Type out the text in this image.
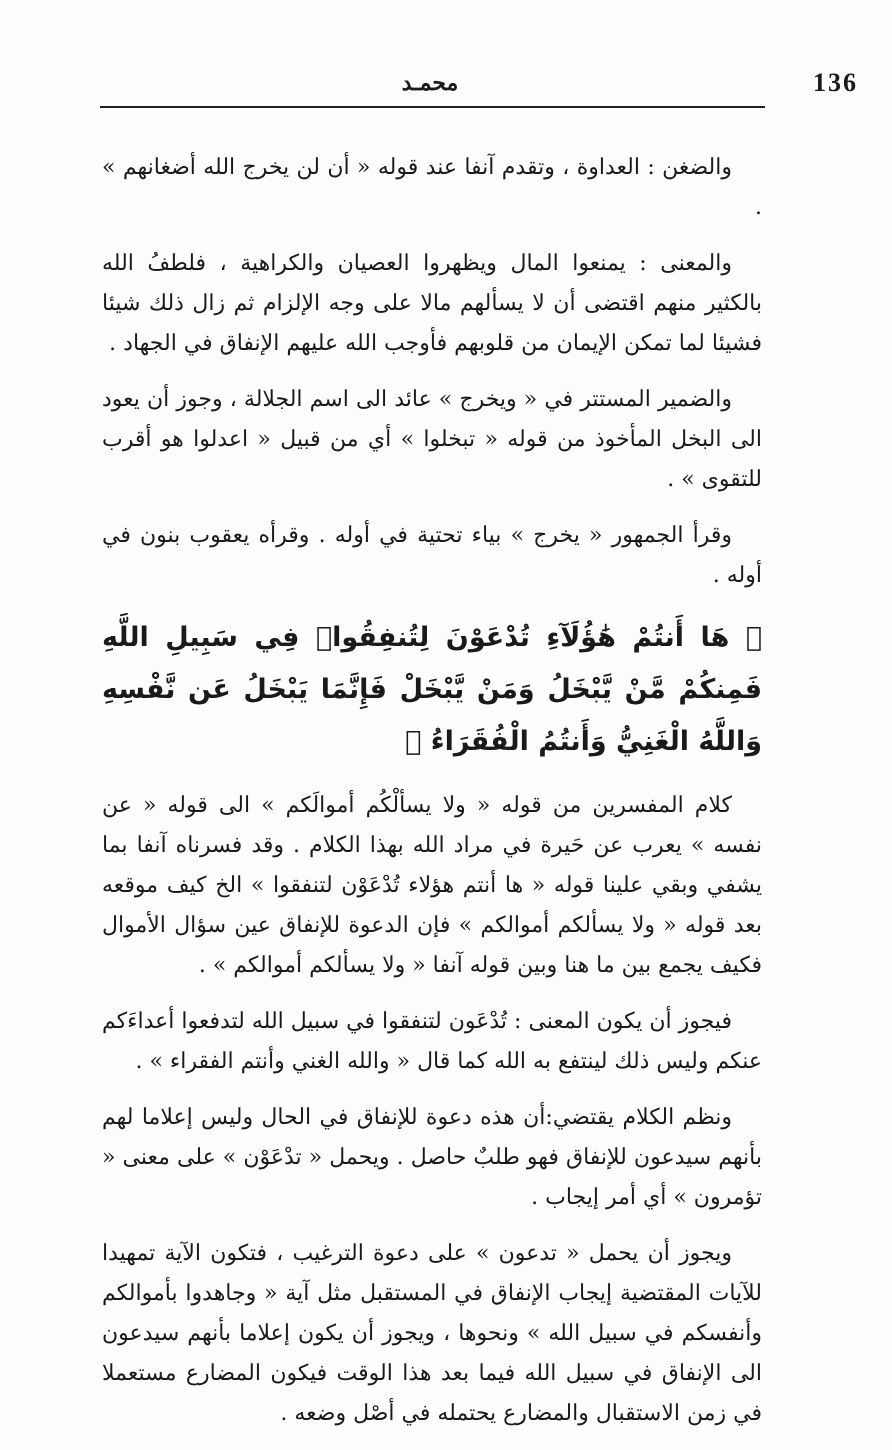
136
محمـد

والضغن : العداوة ، وتقدم آنفا عند قوله « أن لن يخرج الله أضغانهم » .

والمعنى : يمنعوا المال ويظهروا العصيان والكراهية ، فلطفُ الله بالكثير منهم اقتضى أن لا يسألهم مالا على وجه الإلزام ثم زال ذلك شيئا فشيئا لما تمكن الإيمان من قلوبهم فأوجب الله عليهم الإنفاق في الجهاد .

والضمير المستتر في « ويخرج » عائد الى اسم الجلالة ، وجوز أن يعود الى البخل المأخوذ من قوله « تبخلوا » أي من قبيل « اعدلوا هو أقرب للتقوى » .

وقرأ الجمهور « يخرج » بياء تحتية في أوله . وقرأه يعقوب بنون في أوله .

﴿ هَا أَنتُمْ هَٰؤُلَآءِ تُدْعَوْنَ لِتُنفِقُوا۟ فِي سَبِيلِ اللَّهِ فَمِنكُمْ مَّنْ يَّبْخَلُ وَمَنْ يَّبْخَلْ فَإِنَّمَا يَبْخَلُ عَن نَّفْسِهِ وَاللَّهُ الْغَنِيُّ وَأَنتُمُ الْفُقَرَاءُ ﴾

كلام المفسرين من قوله « ولا يسألْكُم أموالَكم » الى قوله « عن نفسه » يعرب عن حَيرة في مراد الله بهذا الكلام . وقد فسرناه آنفا بما يشفي وبقي علينا قوله « ها أنتم هؤلاء تُدْعَوْن لتنفقوا » الخ كيف موقعه بعد قوله « ولا يسألكم أموالكم » فإن الدعوة للإنفاق عين سؤال الأموال فكيف يجمع بين ما هنا وبين قوله آنفا « ولا يسألكم أموالكم » .

فيجوز أن يكون المعنى : تُدْعَون لتنفقوا في سبيل الله لتدفعوا أعداءَكم عنكم وليس ذلك لينتفع به الله كما قال « والله الغني وأنتم الفقراء » .

ونظم الكلام يقتضي:أن هذه دعوة للإنفاق في الحال وليس إعلاما لهم بأنهم سيدعون للإنفاق فهو طلبٌ حاصل . ويحمل « تدْعَوْن » على معنى « تؤمرون » أي أمر إيجاب .

ويجوز أن يحمل « تدعون » على دعوة الترغيب ، فتكون الآية تمهيدا للآيات المقتضية إيجاب الإنفاق في المستقبل مثل آية « وجاهدوا بأموالكم وأنفسكم في سبيل الله » ونحوها ، ويجوز أن يكون إعلاما بأنهم سيدعون الى الإنفاق في سبيل الله فيما بعد هذا الوقت فيكون المضارع مستعملا في زمن الاستقبال والمضارع يحتمله في أصْل وضعه .
